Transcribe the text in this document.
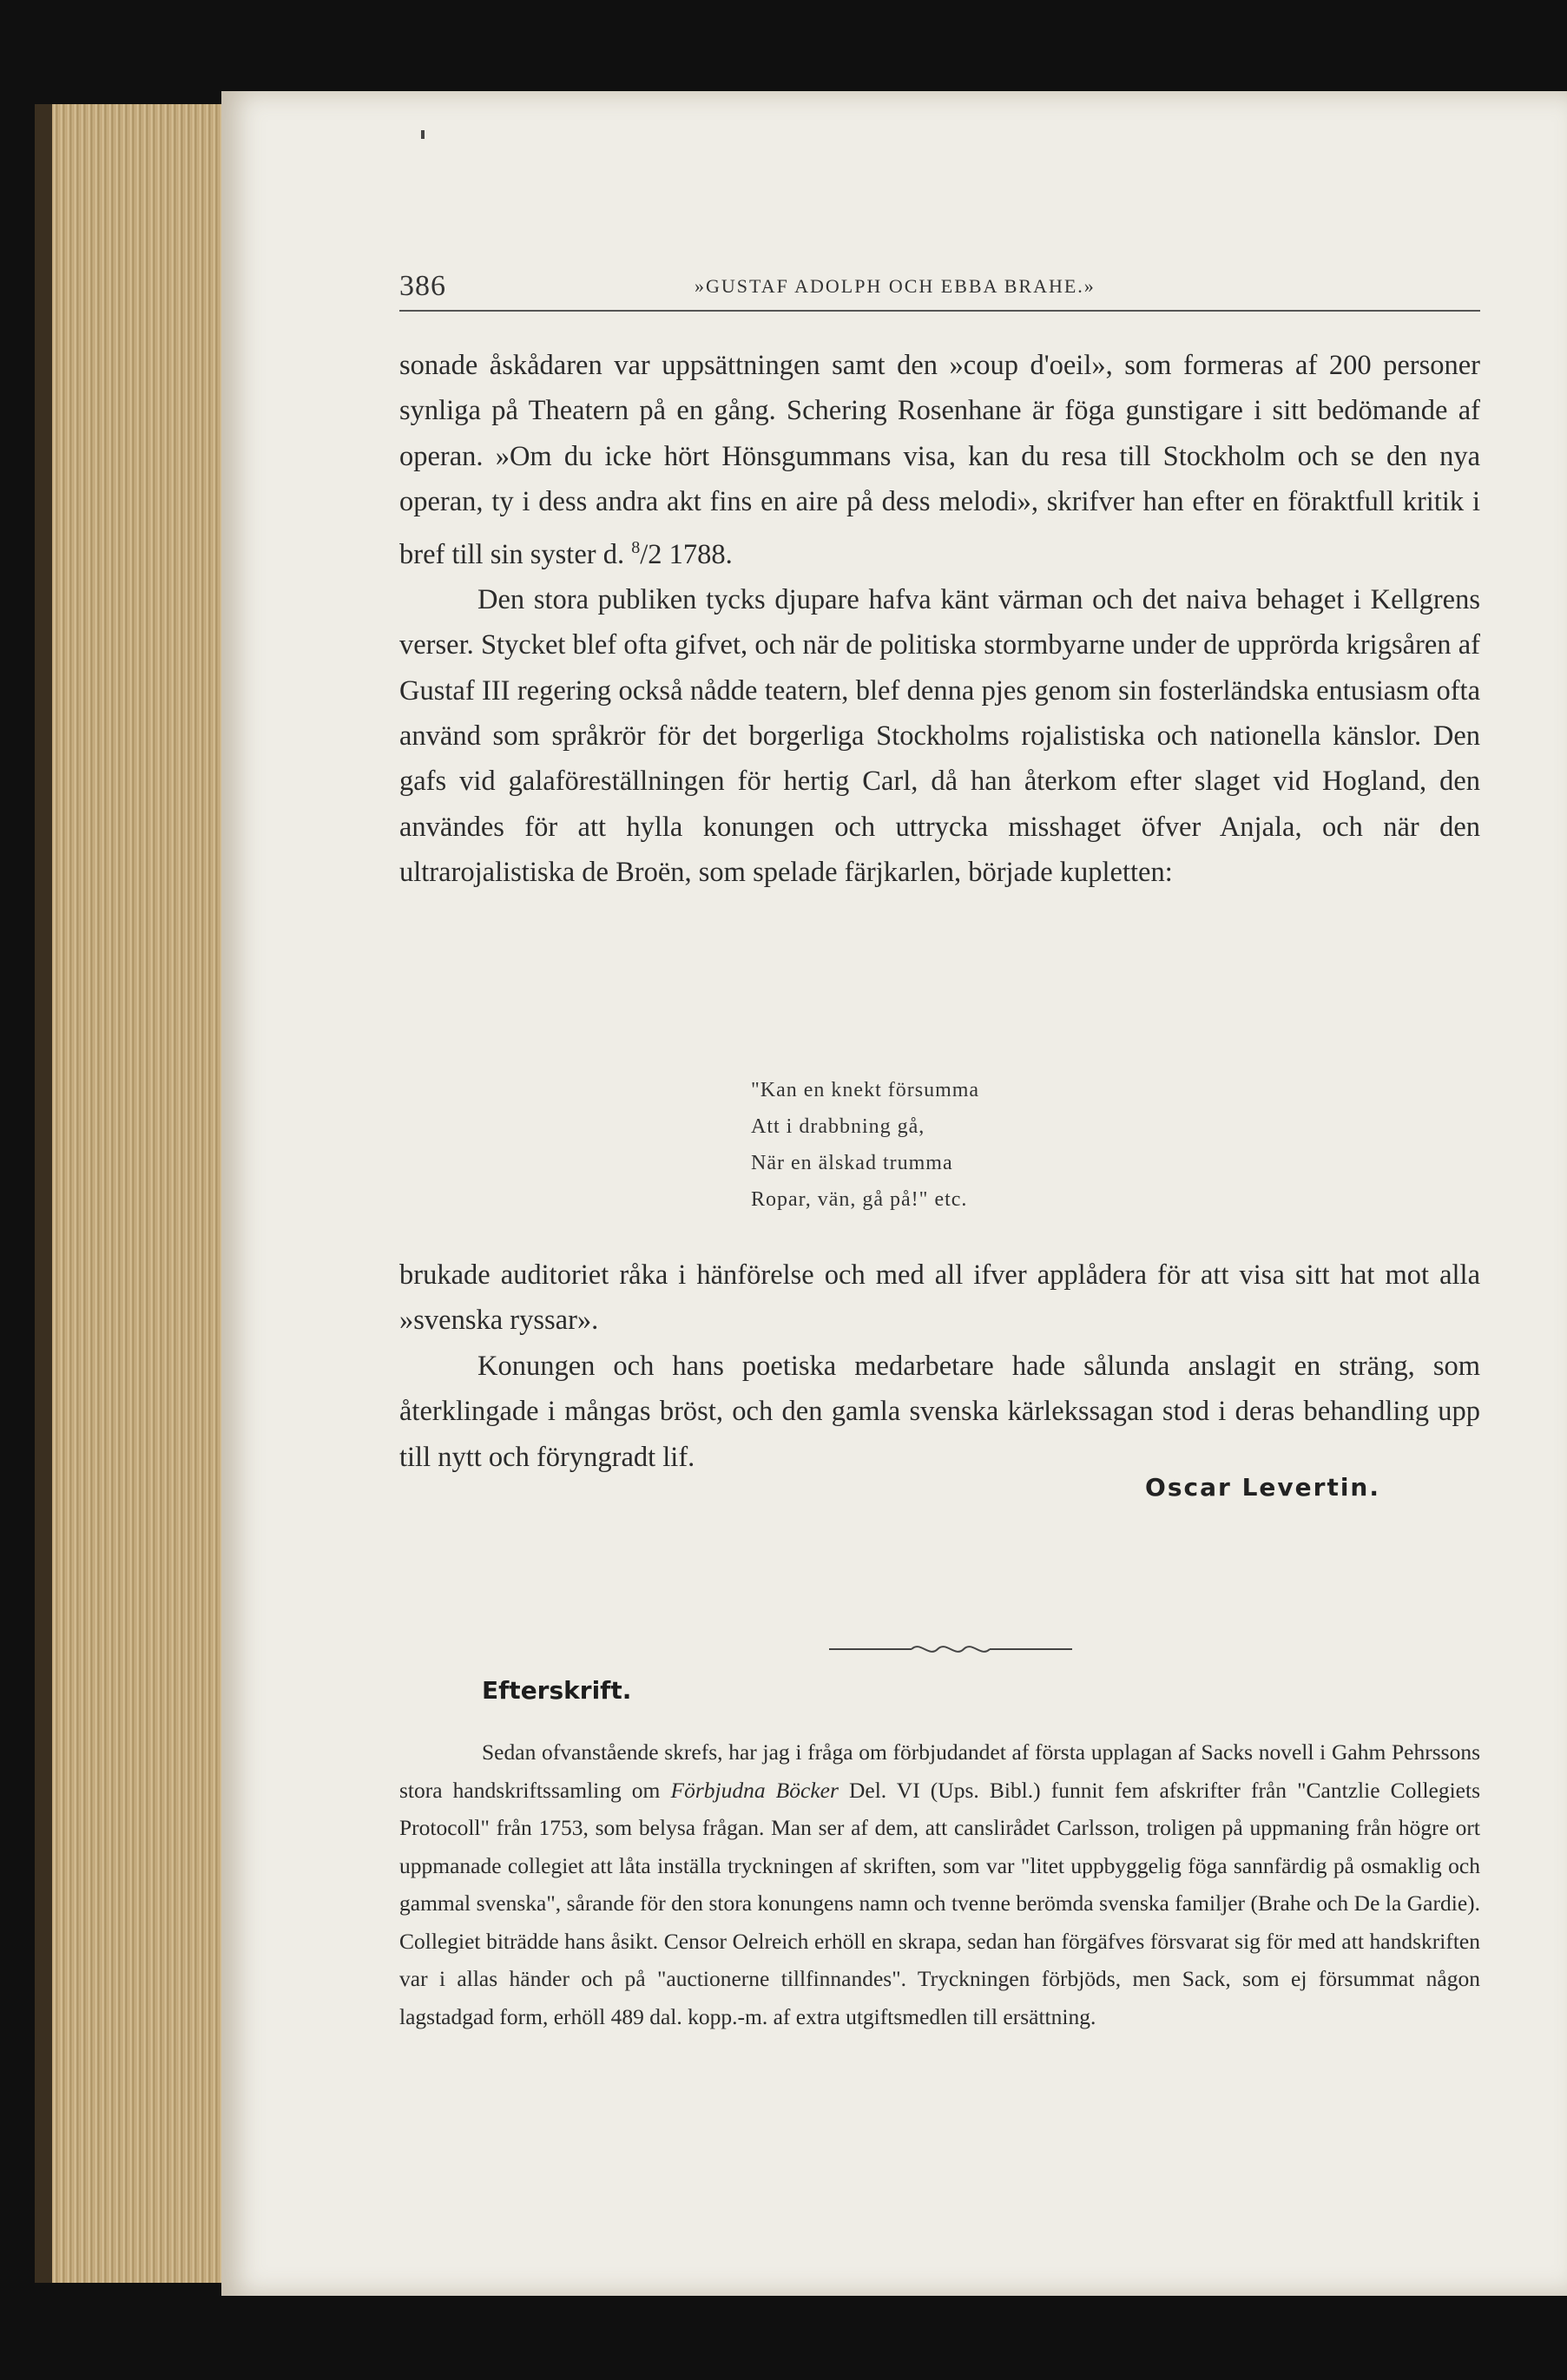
386	»GUSTAF ADOLPH OCH EBBA BRAHE.»

sonade åskådaren var uppsättningen samt den »coup d'oeil», som formeras af 200 personer synliga på Theatern på en gång. Schering Rosenhane är föga gunstigare i sitt bedömande af operan. »Om du icke hört Hönsgummans visa, kan du resa till Stockholm och se den nya operan, ty i dess andra akt fins en aire på dess melodi», skrifver han efter en föraktfull kritik i bref till sin syster d. $^8$/2 1788.

Den stora publiken tycks djupare hafva känt värman och det naiva behaget i Kellgrens verser. Stycket blef ofta gifvet, och när de politiska stormbyarne under de upprörda krigsåren af Gustaf III regering också nådde teatern, blef denna pjes genom sin fosterländska entusiasm ofta använd som språkrör för det borgerliga Stockholms rojalistiska och nationella känslor. Den gafs vid galaföreställningen för hertig Carl, då han återkom efter slaget vid Hogland, den användes för att hylla konungen och uttrycka misshaget öfver Anjala, och när den ultrarojalistiska de Broën, som spelade färjkarlen, började kupletten:

"Kan en knekt försumma
Att i drabbning gå,
När en älskad trumma
Ropar, vän, gå på!" etc.

brukade auditoriet råka i hänförelse och med all ifver applådera för att visa sitt hat mot alla »svenska ryssar».

Konungen och hans poetiska medarbetare hade sålunda anslagit en sträng, som återklingade i mångas bröst, och den gamla svenska kärlekssagan stod i deras behandling upp till nytt och föryngradt lif.

Oscar Levertin.
Efterskrift.

Sedan ofvanstående skrefs, har jag i fråga om förbjudandet af första upplagan af Sacks novell i Gahm Pehrssons stora handskriftssamling om Förbjudna Böcker Del. VI (Ups. Bibl.) funnit fem afskrifter från "Cantzlie Collegiets Protocoll" från 1753, som belysa frågan. Man ser af dem, att canslirådet Carlsson, troligen på uppmaning från högre ort uppmanade collegiet att låta inställa tryckningen af skriften, som var "litet uppbyggelig föga sannfärdig på osmaklig och gammal svenska", sårande för den stora konungens namn och tvenne berömda svenska familjer (Brahe och De la Gardie). Collegiet biträdde hans åsikt. Censor Oelreich erhöll en skrapa, sedan han förgäfves försvarat sig för med att handskriften var i allas händer och på "auctionerne tillfinnandes". Tryckningen förbjöds, men Sack, som ej försummat någon lagstadgad form, erhöll 489 dal. kopp.-m. af extra utgiftsmedlen till ersättning.
